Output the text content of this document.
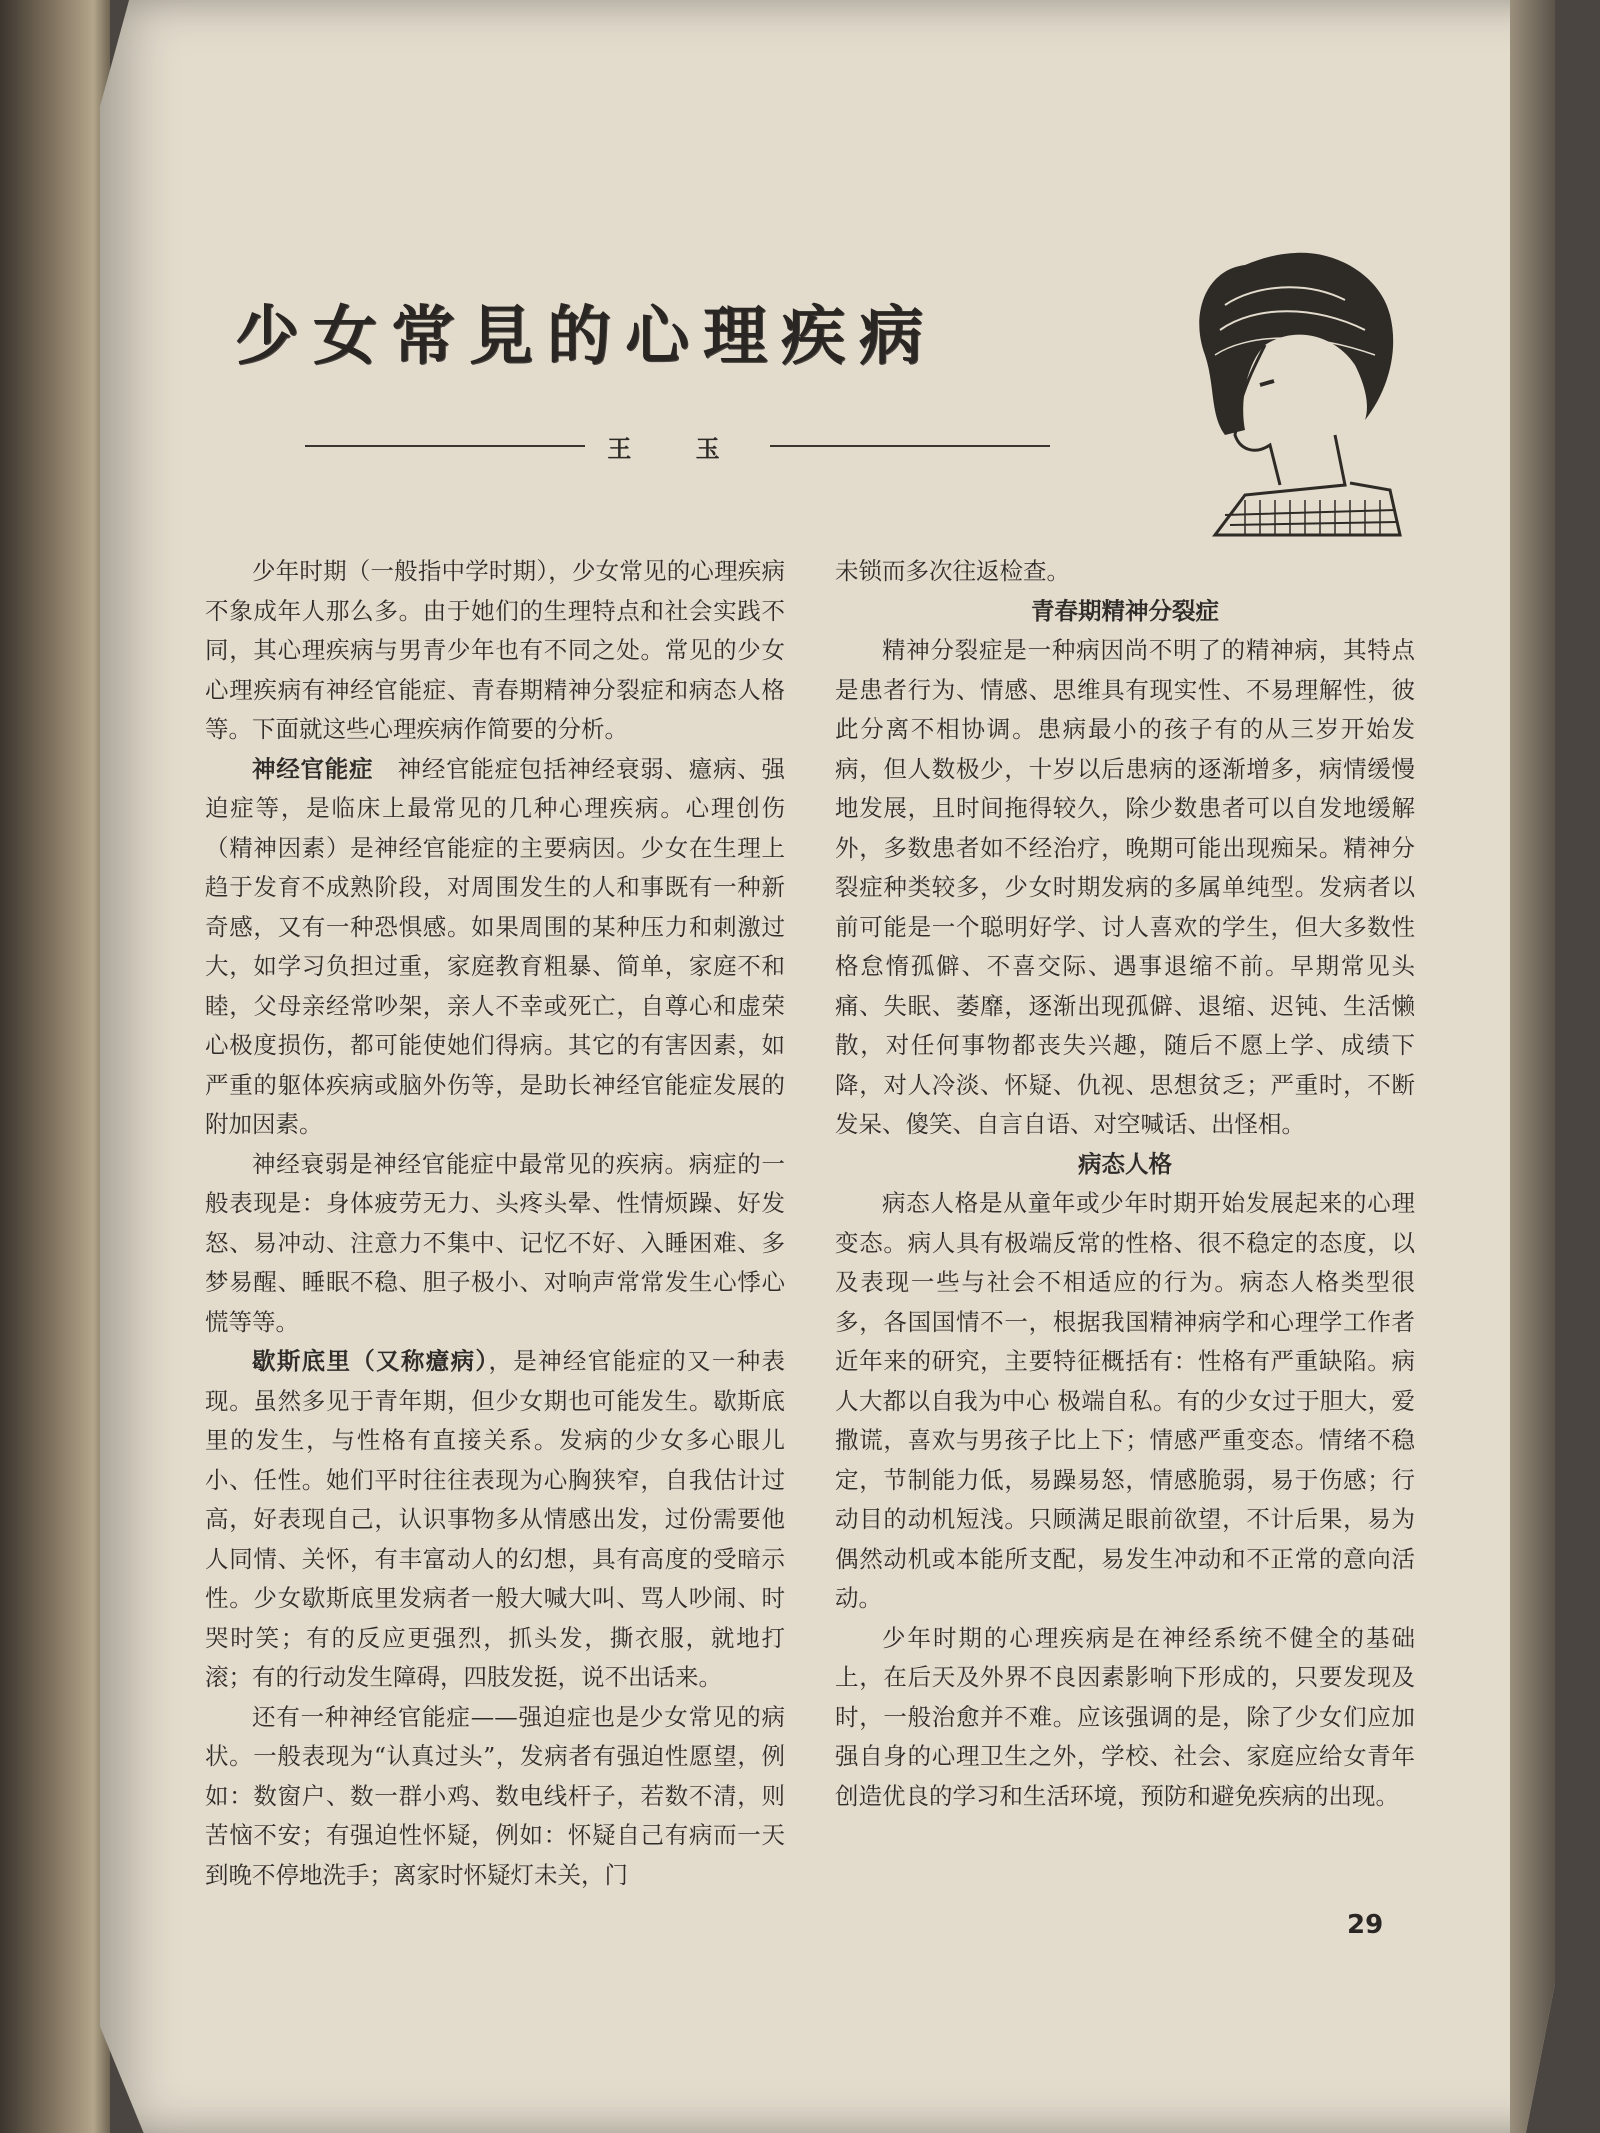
少女常見的心理疾病
王 玉

少年时期（一般指中学时期），少女常见的心理疾病不象成年人那么多。由于她们的生理特点和社会实践不同，其心理疾病与男青少年也有不同之处。常见的少女心理疾病有神经官能症、青春期精神分裂症和病态人格等。下面就这些心理疾病作简要的分析。

神经官能症　 神经官能症包括神经衰弱、癔病、强迫症等，是临床上最常见的几种心理疾病。心理创伤（精神因素）是神经官能症的主要病因。少女在生理上趋于发育不成熟阶段，对周围发生的人和事既有一种新奇感，又有一种恐惧感。如果周围的某种压力和刺激过大，如学习负担过重，家庭教育粗暴、简单，家庭不和睦，父母亲经常吵架，亲人不幸或死亡，自尊心和虚荣心极度损伤，都可能使她们得病。其它的有害因素，如严重的躯体疾病或脑外伤等，是助长神经官能症发展的附加因素。

神经衰弱是神经官能症中最常见的疾病。病症的一般表现是：身体疲劳无力、头疼头晕、性情烦躁、好发怒、易冲动、注意力不集中、记忆不好、入睡困难、多梦易醒、睡眠不稳、胆子极小、对响声常常发生心悸心慌等等。

歇斯底里（又称癔病），是神经官能症的又一种表现。虽然多见于青年期，但少女期也可能发生。歇斯底里的发生，与性格有直接关系。发病的少女多心眼儿小、任性。她们平时往往表现为心胸狭窄，自我估计过高，好表现自己，认识事物多从情感出发，过份需要他人同情、关怀，有丰富动人的幻想，具有高度的受暗示性。少女歇斯底里发病者一般大喊大叫、骂人吵闹、时哭时笑；有的反应更强烈，抓头发，撕衣服，就地打滚；有的行动发生障碍，四肢发挺，说不出话来。

还有一种神经官能症——强迫症也是少女常见的病状。一般表现为“认真过头”，发病者有强迫性愿望，例如：数窗户、数一群小鸡、数电线杆子，若数不清，则苦恼不安；有强迫性怀疑，例如：怀疑自己有病而一天到晚不停地洗手；离家时怀疑灯未关，门

未锁而多次往返检查。

青春期精神分裂症

精神分裂症是一种病因尚不明了的精神病，其特点是患者行为、情感、思维具有现实性、不易理解性，彼此分离不相协调。患病最小的孩子有的从三岁开始发病，但人数极少，十岁以后患病的逐渐增多，病情缓慢地发展，且时间拖得较久，除少数患者可以自发地缓解外，多数患者如不经治疗，晚期可能出现痴呆。精神分裂症种类较多，少女时期发病的多属单纯型。发病者以前可能是一个聪明好学、讨人喜欢的学生，但大多数性格怠惰孤僻、不喜交际、遇事退缩不前。早期常见头痛、失眠、萎靡，逐渐出现孤僻、退缩、迟钝、生活懒散，对任何事物都丧失兴趣，随后不愿上学、成绩下降，对人冷淡、怀疑、仇视、思想贫乏；严重时，不断发呆、傻笑、自言自语、对空喊话、出怪相。

病态人格

病态人格是从童年或少年时期开始发展起来的心理变态。病人具有极端反常的性格、很不稳定的态度，以及表现一些与社会不相适应的行为。病态人格类型很多，各国国情不一，根据我国精神病学和心理学工作者近年来的研究，主要特征概括有：性格有严重缺陷。病人大都以自我为中心 极端自私。有的少女过于胆大，爱撒谎，喜欢与男孩子比上下；情感严重变态。情绪不稳定，节制能力低，易躁易怒，情感脆弱，易于伤感；行动目的动机短浅。只顾满足眼前欲望，不计后果，易为偶然动机或本能所支配，易发生冲动和不正常的意向活动。

少年时期的心理疾病是在神经系统不健全的基础上，在后天及外界不良因素影响下形成的，只要发现及时，一般治愈并不难。应该强调的是，除了少女们应加强自身的心理卫生之外，学校、社会、家庭应给女青年创造优良的学习和生活环境，预防和避免疾病的出现。

29
